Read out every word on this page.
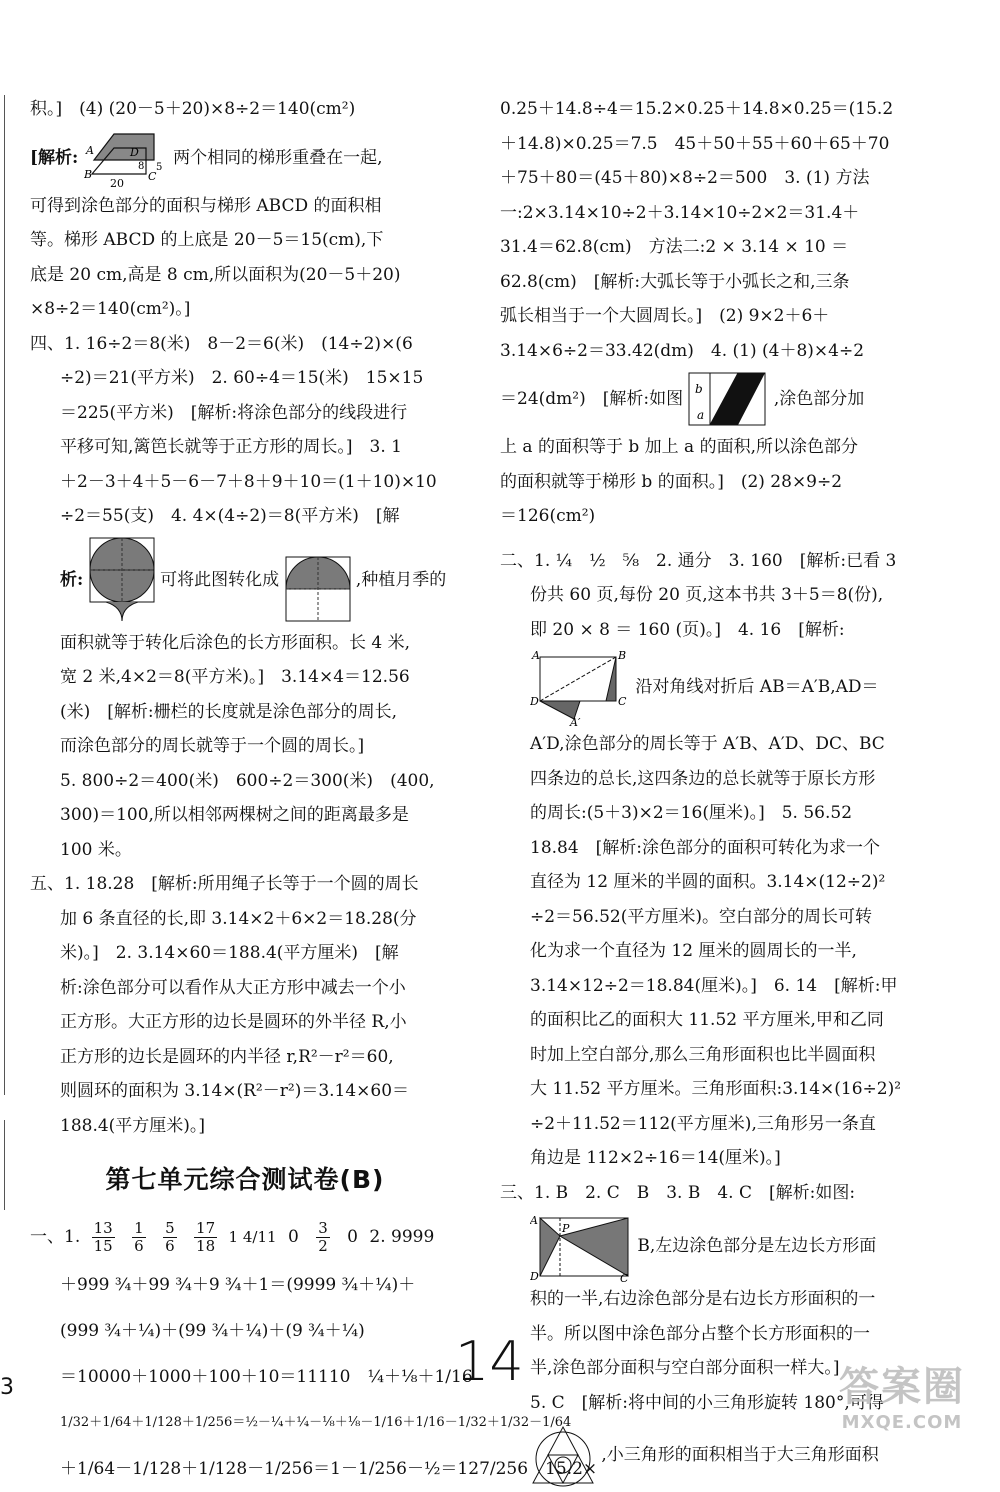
积。]　(4) (20－5＋20)×8÷2＝140(cm²)
[解析: A	D
B	C
20
8 5 两个相同的梯形重叠在一起,
可得到涂色部分的面积与梯形 ABCD 的面积相
等。梯形 ABCD 的上底是 20－5＝15(cm),下
底是 20 cm,高是 8 cm,所以面积为(20－5＋20)
×8÷2＝140(cm²)。]
四、1. 16÷2＝8(米)　8－2＝6(米)　(14÷2)×(6
÷2)＝21(平方米)　2. 60÷4＝15(米)　15×15
＝225(平方米)　[解析:将涂色部分的线段进行
平移可知,篱笆长就等于正方形的周长。]　3. 1
＋2－3＋4＋5－6－7＋8＋9＋10＝(1＋10)×10
÷2＝55(支)　4. 4×(4÷2)＝8(平方米)　[解
析:	可将此图转化成	,种植月季的
面积就等于转化后涂色的长方形面积。长 4 米,
宽 2 米,4×2＝8(平方米)。]　3.14×4＝12.56
(米)　[解析:栅栏的长度就是涂色部分的周长,
而涂色部分的周长就等于一个圆的周长。]
5. 800÷2＝400(米)　600÷2＝300(米)　(400,
300)＝100,所以相邻两棵树之间的距离最多是
100 米。
五、1. 18.28　[解析:所用绳子长等于一个圆的周长
加 6 条直径的长,即 3.14×2＋6×2＝18.28(分
米)。]　2. 3.14×60＝188.4(平方厘米)　[解
析:涂色部分可以看作从大正方形中减去一个小
正方形。大正方形的边长是圆环的外半径 R,小
正方形的边长是圆环的内半径 r,R²－r²＝60,
则圆环的面积为 3.14×(R²－r²)＝3.14×60＝
188.4(平方厘米)。]
第七单元综合测试卷(B)
一、1. $\frac{13}{15}$
$\frac{1}{6}$
$\frac{5}{6}$
$\frac{17}{18} 1$ 4/11 $0 \frac{3}{2} 0$ 2. 9999
＋999 ¾＋99 ¾＋9 ¾＋1＝(9999 ¾＋¼)＋
(999 ¾＋¼)＋(99 ¾＋¼)＋(9 ¾＋¼)
＝10000＋1000＋100＋10＝11110　¼＋⅛＋1/16
1/32＋1/64＋1/128＋1/256＝½－¼＋¼－⅛＋⅛－1/16＋1/16－1/32＋1/32－1/64
＋1/64－1/128＋1/128－1/256＝1－1/256－½＝127/256　15.2×
0.25＋14.8÷4＝15.2×0.25＋14.8×0.25＝(15.2
＋14.8)×0.25＝7.5　45＋50＋55＋60＋65＋70
＋75＋80＝(45＋80)×8÷2＝500　3. (1) 方法
一:2×3.14×10÷2＋3.14×10÷2×2＝31.4＋
31.4＝62.8(cm)　方法二:2 × 3.14 × 10 ＝
62.8(cm)　[解析:大弧长等于小弧长之和,三条
弧长相当于一个大圆周长。]　(2) 9×2＋6＋
3.14×6÷2＝33.42(dm)　4. (1) (4＋8)×4÷2
＝24(dm²)　[解析:如图
b
a
,涂色部分加
上 a 的面积等于 b 加上 a 的面积,所以涂色部分
的面积就等于梯形 b 的面积。]　(2) 28×9÷2
＝126(cm²)
二、1. ¼　½　⅝　2. 通分　3. 160　[解析:已看 3
份共 60 页,每份 20 页,这本书共 3＋5＝8(份),
即 20 × 8 ＝ 160 (页)。]　4. 16　[解析:
A	B
D	C
A′
沿对角线对折后 AB＝A′B,AD＝
A′D,涂色部分的周长等于 A′B、A′D、DC、BC
四条边的总长,这四条边的总长就等于原长方形
的周长:(5＋3)×2＝16(厘米)。]　5. 56.52
18.84　[解析:涂色部分的面积可转化为求一个
直径为 12 厘米的半圆的面积。3.14×(12÷2)²
÷2＝56.52(平方厘米)。空白部分的周长可转
化为求一个直径为 12 厘米的圆周长的一半,
3.14×12÷2＝18.84(厘米)。]　6. 14　[解析:甲
的面积比乙的面积大 11.52 平方厘米,甲和乙同
时加上空白部分,那么三角形面积也比半圆面积
大 11.52 平方厘米。三角形面积:3.14×(16÷2)²
÷2＋11.52＝112(平方厘米),三角形另一条直
角边是 112×2÷16＝14(厘米)。]
三、1. B　2. C　B　3. B　4. C　[解析:如图:
A
P
D	C
B,左边涂色部分是左边长方形面
积的一半,右边涂色部分是右边长方形面积的一
半。所以图中涂色部分占整个长方形面积的一
半,涂色部分面积与空白部分面积一样大。]
5. C　[解析:将中间的小三角形旋转 180°,可得
,小三角形的面积相当于大三角形面积
3	14	答案圈
MXQE.COM
